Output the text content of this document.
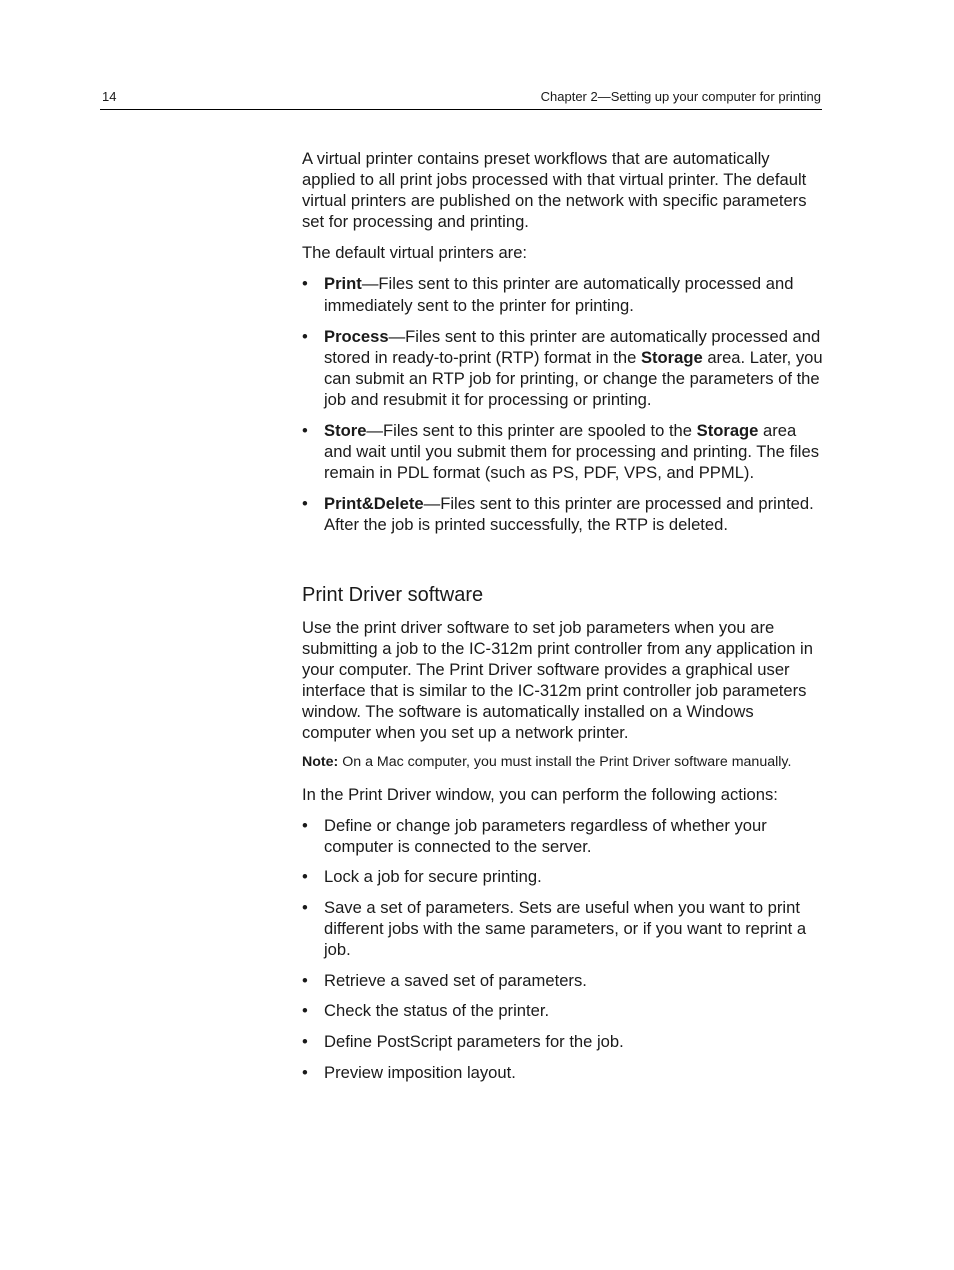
14	Chapter 2—Setting up your computer for printing

A virtual printer contains preset workflows that are automatically applied to all print jobs processed with that virtual printer. The default virtual printers are published on the network with specific parameters set for processing and printing.

The default virtual printers are:

• Print—Files sent to this printer are automatically processed and immediately sent to the printer for printing.
• Process—Files sent to this printer are automatically processed and stored in ready-to-print (RTP) format in the Storage area. Later, you can submit an RTP job for printing, or change the parameters of the job and resubmit it for processing or printing.
• Store—Files sent to this printer are spooled to the Storage area and wait until you submit them for processing and printing. The files remain in PDL format (such as PS, PDF, VPS, and PPML).
• Print&Delete—Files sent to this printer are processed and printed. After the job is printed successfully, the RTP is deleted.
Print Driver software

Use the print driver software to set job parameters when you are submitting a job to the IC-312m print controller from any application in your computer. The Print Driver software provides a graphical user interface that is similar to the IC-312m print controller job parameters window. The software is automatically installed on a Windows computer when you set up a network printer.

Note: On a Mac computer, you must install the Print Driver software manually.

In the Print Driver window, you can perform the following actions:

• Define or change job parameters regardless of whether your computer is connected to the server.
• Lock a job for secure printing.
• Save a set of parameters. Sets are useful when you want to print different jobs with the same parameters, or if you want to reprint a job.
• Retrieve a saved set of parameters.
• Check the status of the printer.
• Define PostScript parameters for the job.
• Preview imposition layout.
